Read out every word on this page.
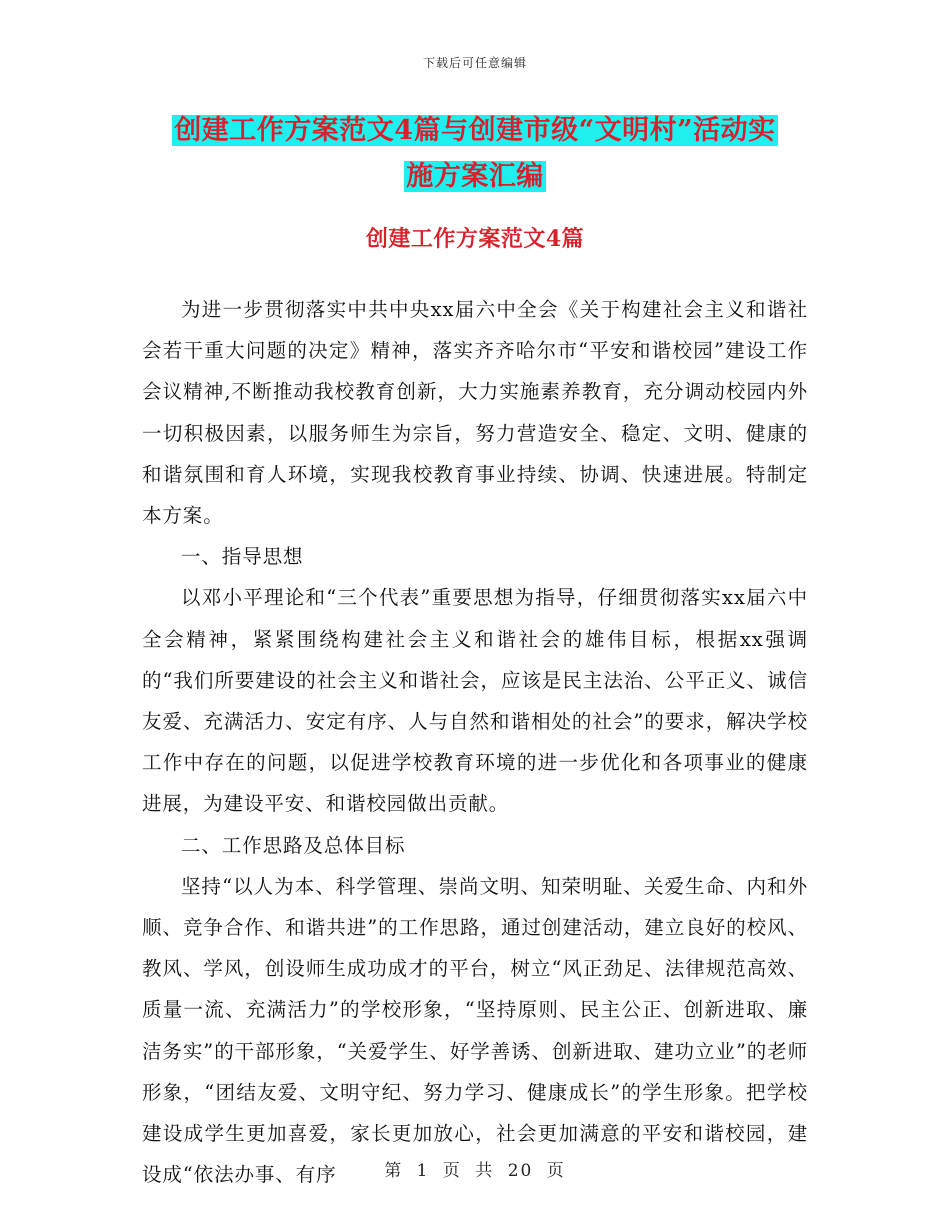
下载后可任意编辑
创建工作方案范文4篇与创建市级“文明村”活动实
施方案汇编
创建工作方案范文4篇

为进一步贯彻落实中共中央xx届六中全会《关于构建社会主义和谐社会若干重大问题的决定》精神，落实齐齐哈尔市“平安和谐校园”建设工作会议精神,不断推动我校教育创新，大力实施素养教育，充分调动校园内外一切积极因素，以服务师生为宗旨，努力营造安全、稳定、文明、健康的和谐氛围和育人环境，实现我校教育事业持续、协调、快速进展。特制定本方案。

一、指导思想

以邓小平理论和“三个代表”重要思想为指导，仔细贯彻落实xx届六中全会精神，紧紧围绕构建社会主义和谐社会的雄伟目标，根据xx强调的“我们所要建设的社会主义和谐社会，应该是民主法治、公平正义、诚信友爱、充满活力、安定有序、人与自然和谐相处的社会”的要求，解决学校工作中存在的问题，以促进学校教育环境的进一步优化和各项事业的健康进展，为建设平安、和谐校园做出贡献。

二、工作思路及总体目标

坚持“以人为本、科学管理、崇尚文明、知荣明耻、关爱生命、内和外顺、竞争合作、和谐共进”的工作思路，通过创建活动，建立良好的校风、教风、学风，创设师生成功成才的平台，树立“风正劲足、法律规范高效、质量一流、充满活力”的学校形象，“坚持原则、民主公正、创新进取、廉洁务实”的干部形象，“关爱学生、好学善诱、创新进取、建功立业”的老师形象，“团结友爱、文明守纪、努力学习、健康成长”的学生形象。把学校建设成学生更加喜爱，家长更加放心，社会更加满意的平安和谐校园，建设成“依法办事、有序	第 1 页 共 20 页
